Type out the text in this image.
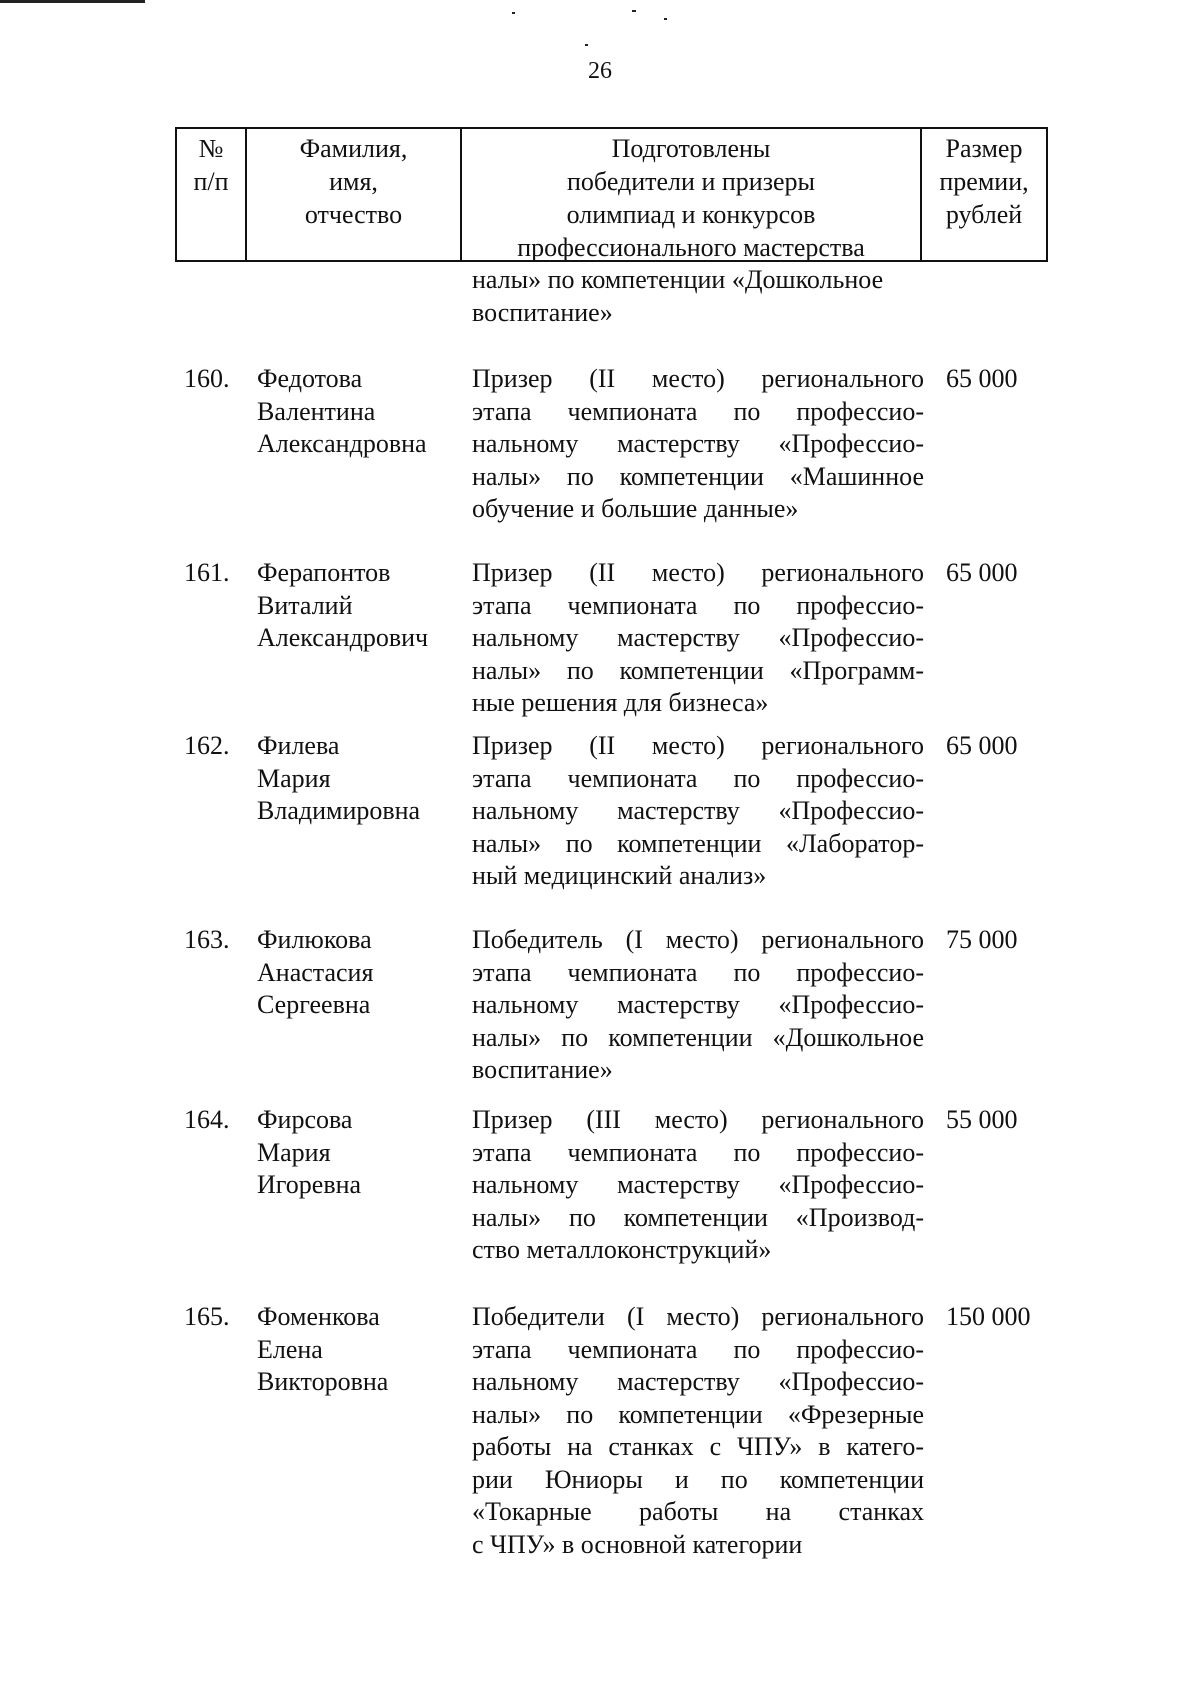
26
№
п/п
Фамилия,
имя,
отчество
Подготовлены
победители и призеры
олимпиад и конкурсов
профессионального мастерства
Размер
премии,
рублей
налы» по компетенции «Дошкольное
воспитание»
160. Федотова
Валентина
Александровна
Призер (II место) регионального
этапа чемпионата по профессио-
нальному мастерству «Профессио-
налы» по компетенции «Машинное
обучение и большие данные»
65 000
161. Ферапонтов
Виталий
Александрович
Призер (II место) регионального
этапа чемпионата по профессио-
нальному мастерству «Профессио-
налы» по компетенции «Программ-
ные решения для бизнеса»
65 000
162. Филева
Мария
Владимировна
Призер (II место) регионального
этапа чемпионата по профессио-
нальному мастерству «Профессио-
налы» по компетенции «Лаборатор-
ный медицинский анализ»
65 000
163. Филюкова
Анастасия
Сергеевна
Победитель (I место) регионального
этапа чемпионата по профессио-
нальному мастерству «Профессио-
налы» по компетенции «Дошкольное
воспитание»
75 000
164. Фирсова
Мария
Игоревна
Призер (III место) регионального
этапа чемпионата по профессио-
нальному мастерству «Профессио-
налы» по компетенции «Производ-
ство металлоконструкций»
55 000
165. Фоменкова
Елена
Викторовна
Победители (I место) регионального
этапа чемпионата по профессио-
нальному мастерству «Профессио-
налы» по компетенции «Фрезерные
работы на станках с ЧПУ» в катего-
рии Юниоры и по компетенции
«Токарные работы на станках
с ЧПУ» в основной категории
150 000
